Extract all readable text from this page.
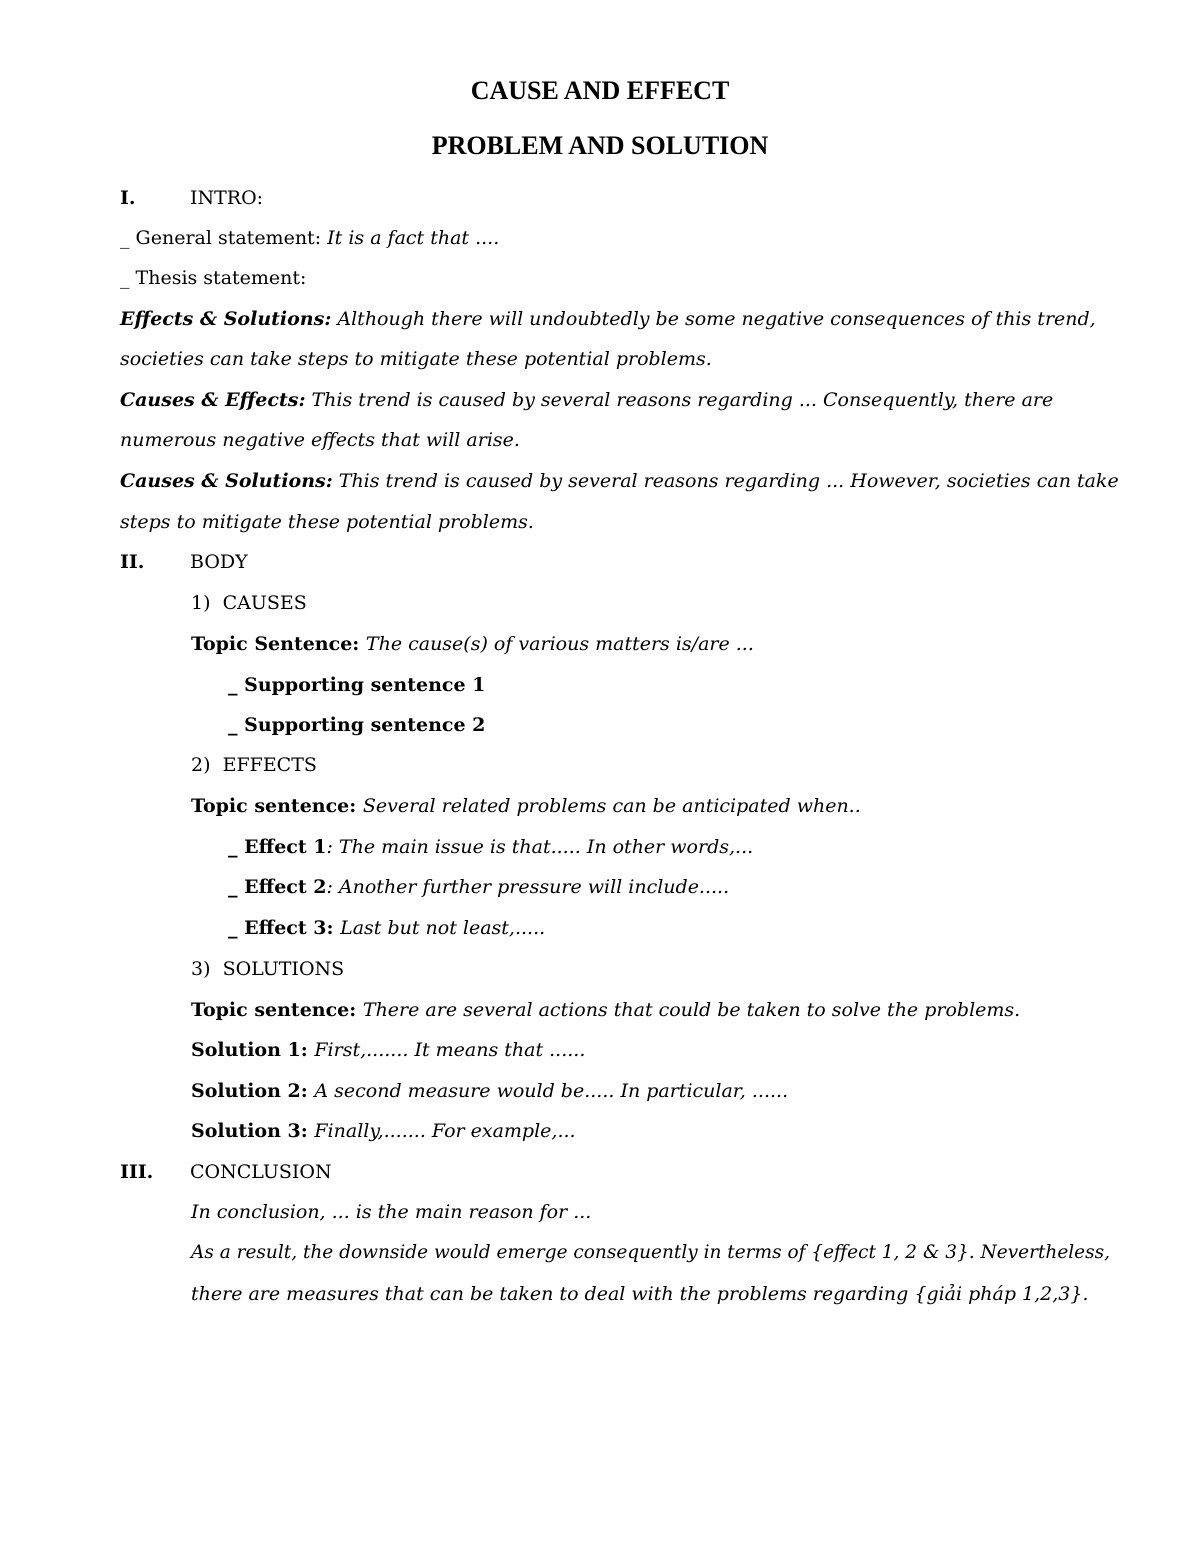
CAUSE AND EFFECT
PROBLEM AND SOLUTION
I.	INTRO:
_ General statement: It is a fact that ....
_ Thesis statement:
Effects & Solutions: Although there will undoubtedly be some negative consequences of this trend,
societies can take steps to mitigate these potential problems.
Causes & Effects: This trend is caused by several reasons regarding ... Consequently, there are
numerous negative effects that will arise.
Causes & Solutions: This trend is caused by several reasons regarding ... However, societies can take
steps to mitigate these potential problems.
II. BODY
1)  CAUSES
Topic Sentence: The cause(s) of various matters is/are ...
_ Supporting sentence 1
_ Supporting sentence 2
2)  EFFECTS
Topic sentence: Several related problems can be anticipated when..
_ Effect 1: The main issue is that..... In other words,...
_ Effect 2: Another further pressure will include.....
_ Effect 3: Last but not least,.....
3)  SOLUTIONS
Topic sentence: There are several actions that could be taken to solve the problems.
Solution 1: First,....... It means that ......
Solution 2: A second measure would be..... In particular, ......
Solution 3: Finally,....... For example,...
III. CONCLUSION
In conclusion, ... is the main reason for ...
As a result, the downside would emerge consequently in terms of {effect 1, 2 & 3}. Nevertheless,
there are measures that can be taken to deal with the problems regarding {giải pháp 1,2,3}.
